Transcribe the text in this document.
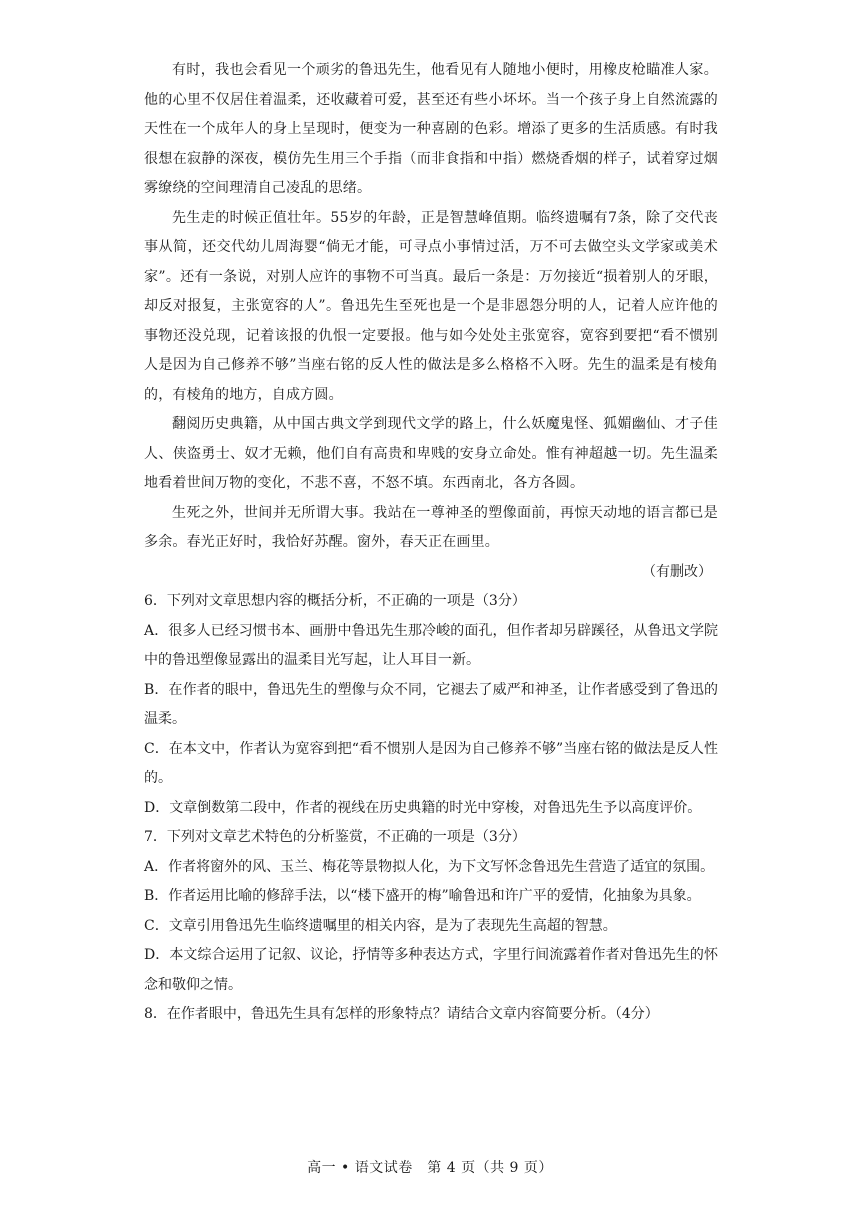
有时，我也会看见一个顽劣的鲁迅先生，他看见有人随地小便时，用橡皮枪瞄准人家。他的心里不仅居住着温柔，还收藏着可爱，甚至还有些小坏坏。当一个孩子身上自然流露的天性在一个成年人的身上呈现时，便变为一种喜剧的色彩。增添了更多的生活质感。有时我很想在寂静的深夜，模仿先生用三个手指（而非食指和中指）燃烧香烟的样子，试着穿过烟雾缭绕的空间理清自己凌乱的思绪。

先生走的时候正值壮年。55岁的年龄，正是智慧峰值期。临终遗嘱有7条，除了交代丧事从简，还交代幼儿周海婴“倘无才能，可寻点小事情过活，万不可去做空头文学家或美术家”。还有一条说，对别人应许的事物不可当真。最后一条是：万勿接近“损着别人的牙眼，却反对报复，主张宽容的人”。鲁迅先生至死也是一个是非恩怨分明的人，记着人应许他的事物还没兑现，记着该报的仇恨一定要报。他与如今处处主张宽容，宽容到要把“看不惯别人是因为自己修养不够”当座右铭的反人性的做法是多么格格不入呀。先生的温柔是有棱角的，有棱角的地方，自成方圆。

翻阅历史典籍，从中国古典文学到现代文学的路上，什么妖魔鬼怪、狐媚幽仙、才子佳人、侠盗勇士、奴才无赖，他们自有高贵和卑贱的安身立命处。惟有神超越一切。先生温柔地看着世间万物的变化，不悲不喜，不怒不填。东西南北，各方各圆。

生死之外，世间并无所谓大事。我站在一尊神圣的塑像面前，再惊天动地的语言都已是多余。春光正好时，我恰好苏醒。窗外，春天正在画里。

（有删改）

6．下列对文章思想内容的概括分析，不正确的一项是（3分）

A．很多人已经习惯书本、画册中鲁迅先生那冷峻的面孔，但作者却另辟蹊径，从鲁迅文学院中的鲁迅塑像显露出的温柔目光写起，让人耳目一新。

B．在作者的眼中，鲁迅先生的塑像与众不同，它褪去了威严和神圣，让作者感受到了鲁迅的温柔。

C．在本文中，作者认为宽容到把“看不惯别人是因为自己修养不够”当座右铭的做法是反人性的。

D．文章倒数第二段中，作者的视线在历史典籍的时光中穿梭，对鲁迅先生予以高度评价。

7．下列对文章艺术特色的分析鉴赏，不正确的一项是（3分）

A．作者将窗外的风、玉兰、梅花等景物拟人化，为下文写怀念鲁迅先生营造了适宜的氛围。

B．作者运用比喻的修辞手法，以“楼下盛开的梅”喻鲁迅和许广平的爱情，化抽象为具象。

C．文章引用鲁迅先生临终遗嘱里的相关内容，是为了表现先生高超的智慧。

D．本文综合运用了记叙、议论，抒情等多种表达方式，字里行间流露着作者对鲁迅先生的怀念和敬仰之情。

8．在作者眼中，鲁迅先生具有怎样的形象特点？请结合文章内容简要分析。（4分）

高一 • 语文试卷　第 4 页（共 9 页）
